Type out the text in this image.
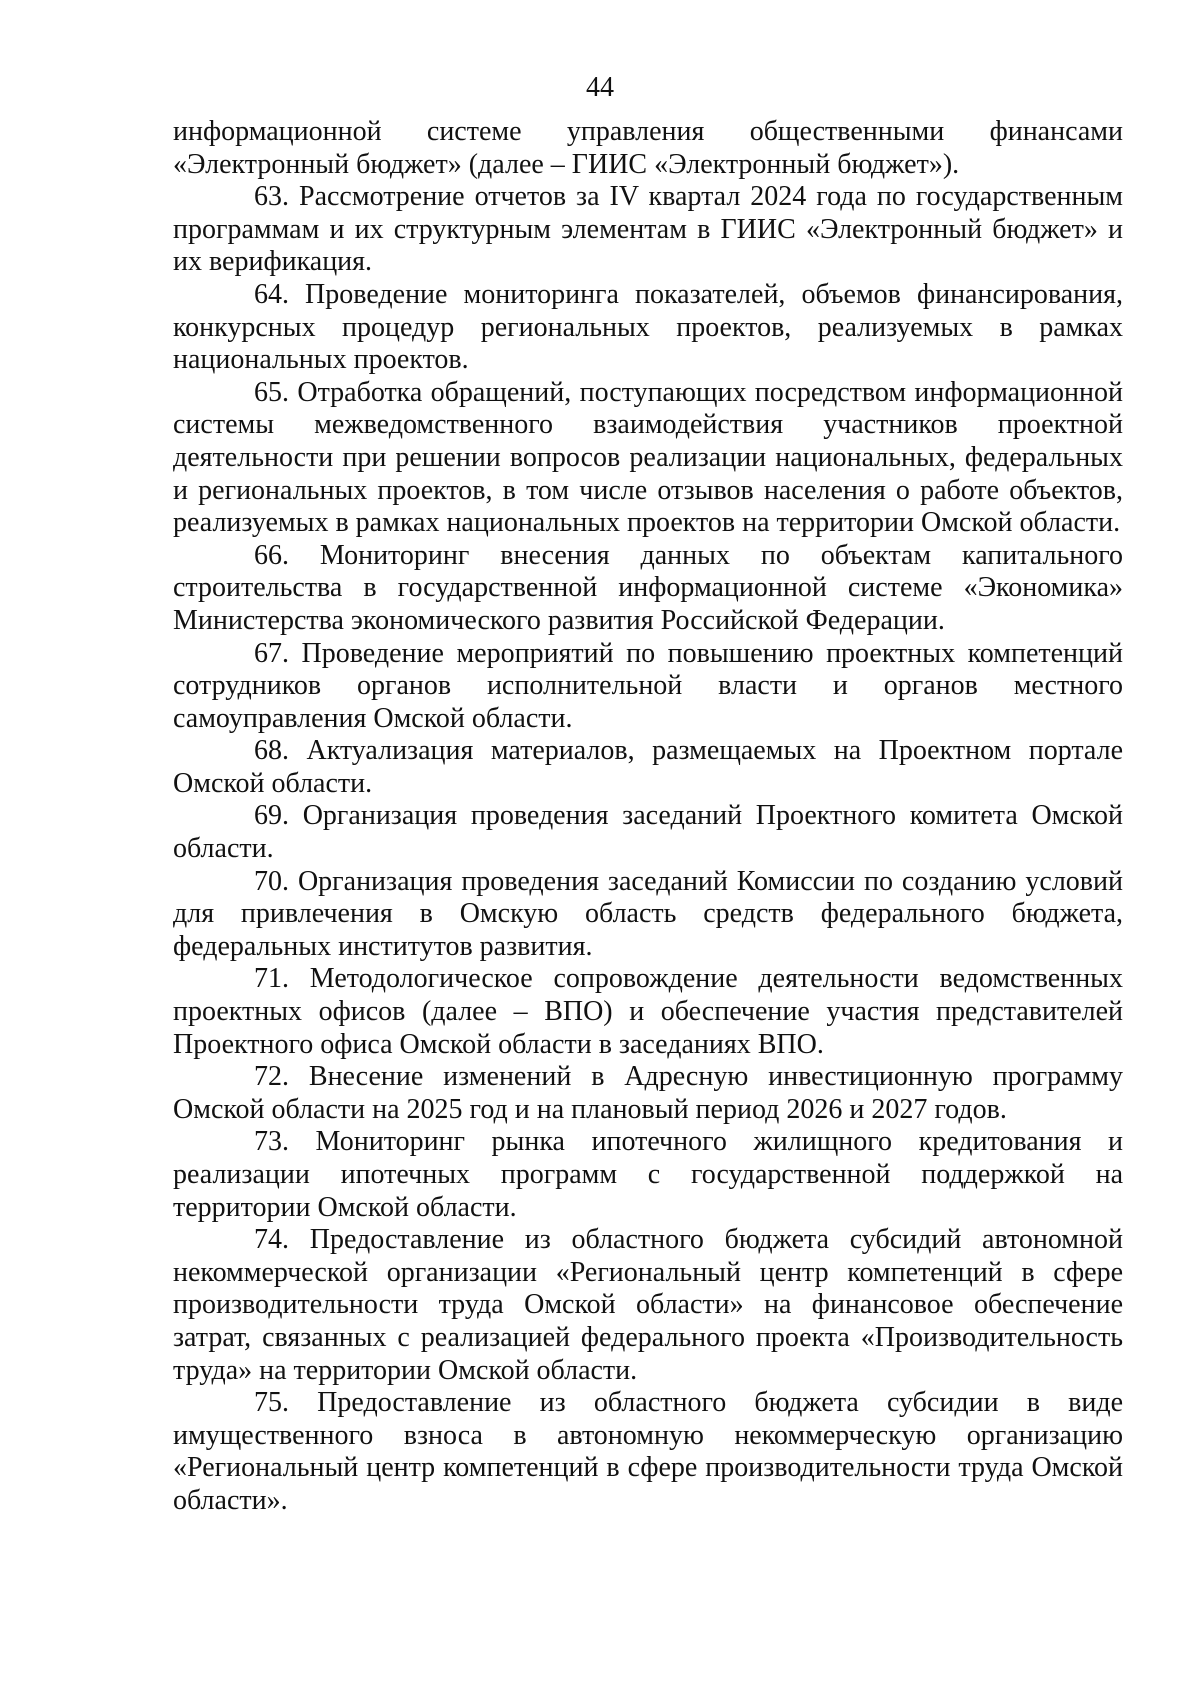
44

информационной системе управления общественными финансами «Электронный бюджет» (далее – ГИИС «Электронный бюджет»).

63. Рассмотрение отчетов за IV квартал 2024 года по государственным программам и их структурным элементам в ГИИС «Электронный бюджет» и их верификация.

64. Проведение мониторинга показателей, объемов финансирования, конкурсных процедур региональных проектов, реализуемых в рамках национальных проектов.

65. Отработка обращений, поступающих посредством информационной системы межведомственного взаимодействия участников проектной деятельности при решении вопросов реализации национальных, федеральных и региональных проектов, в том числе отзывов населения о работе объектов, реализуемых в рамках национальных проектов на территории Омской области.

66. Мониторинг внесения данных по объектам капитального строительства в государственной информационной системе «Экономика» Министерства экономического развития Российской Федерации.

67. Проведение мероприятий по повышению проектных компетенций сотрудников органов исполнительной власти и органов местного самоуправления Омской области.

68. Актуализация материалов, размещаемых на Проектном портале Омской области.

69. Организация проведения заседаний Проектного комитета Омской области.

70. Организация проведения заседаний Комиссии по созданию условий для привлечения в Омскую область средств федерального бюджета, федеральных институтов развития.

71. Методологическое сопровождение деятельности ведомственных проектных офисов (далее – ВПО) и обеспечение участия представителей Проектного офиса Омской области в заседаниях ВПО.

72. Внесение изменений в Адресную инвестиционную программу Омской области на 2025 год и на плановый период 2026 и 2027 годов.

73. Мониторинг рынка ипотечного жилищного кредитования и реализации ипотечных программ с государственной поддержкой на территории Омской области.

74. Предоставление из областного бюджета субсидий автономной некоммерческой организации «Региональный центр компетенций в сфере производительности труда Омской области» на финансовое обеспечение затрат, связанных с реализацией федерального проекта «Производительность труда» на территории Омской области.

75. Предоставление из областного бюджета субсидии в виде имущественного взноса в автономную некоммерческую организацию «Региональный центр компетенций в сфере производительности труда Омской области».
